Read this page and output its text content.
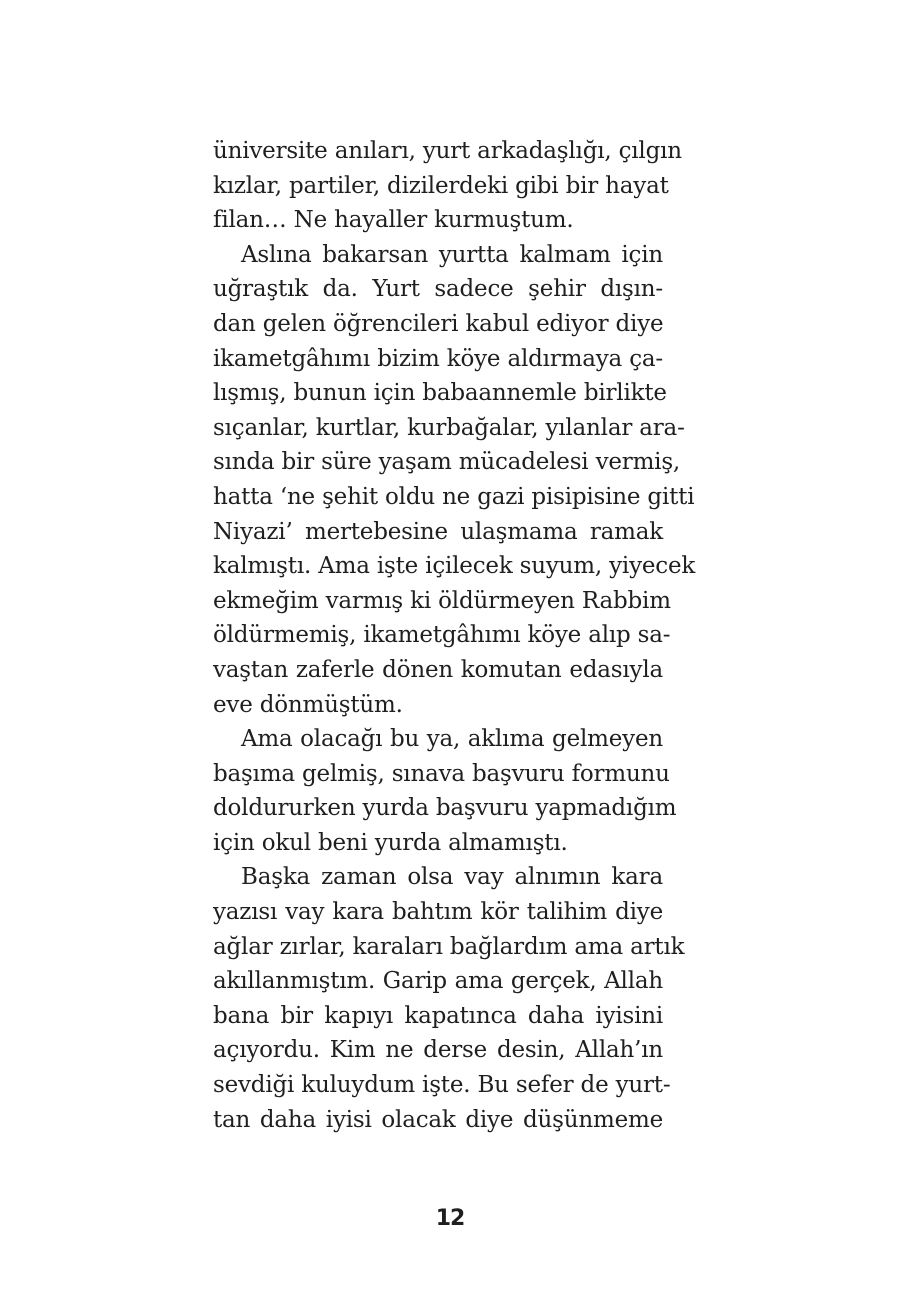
üniversite anıları, yurt arkadaşlığı, çılgın
kızlar, partiler, dizilerdeki gibi bir hayat
filan… Ne hayaller kurmuştum.
Aslına bakarsan yurtta kalmam için
uğraştık da. Yurt sadece şehir dışın-
dan gelen öğrencileri kabul ediyor diye
ikametgâhımı bizim köye aldırmaya ça-
lışmış, bunun için babaannemle birlikte
sıçanlar, kurtlar, kurbağalar, yılanlar ara-
sında bir süre yaşam mücadelesi vermiş,
hatta ‘ne şehit oldu ne gazi pisipisine gitti
Niyazi’ mertebesine ulaşmama ramak
kalmıştı. Ama işte içilecek suyum, yiyecek
ekmeğim varmış ki öldürmeyen Rabbim
öldürmemiş, ikametgâhımı köye alıp sa-
vaştan zaferle dönen komutan edasıyla
eve dönmüştüm.
Ama olacağı bu ya, aklıma gelmeyen
başıma gelmiş, sınava başvuru formunu
doldururken yurda başvuru yapmadığım
için okul beni yurda almamıştı.
Başka zaman olsa vay alnımın kara
yazısı vay kara bahtım kör talihim diye
ağlar zırlar, karaları bağlardım ama artık
akıllanmıştım. Garip ama gerçek, Allah
bana bir kapıyı kapatınca daha iyisini
açıyordu. Kim ne derse desin, Allah’ın
sevdiği kuluydum işte. Bu sefer de yurt-
tan daha iyisi olacak diye düşünmeme
12
